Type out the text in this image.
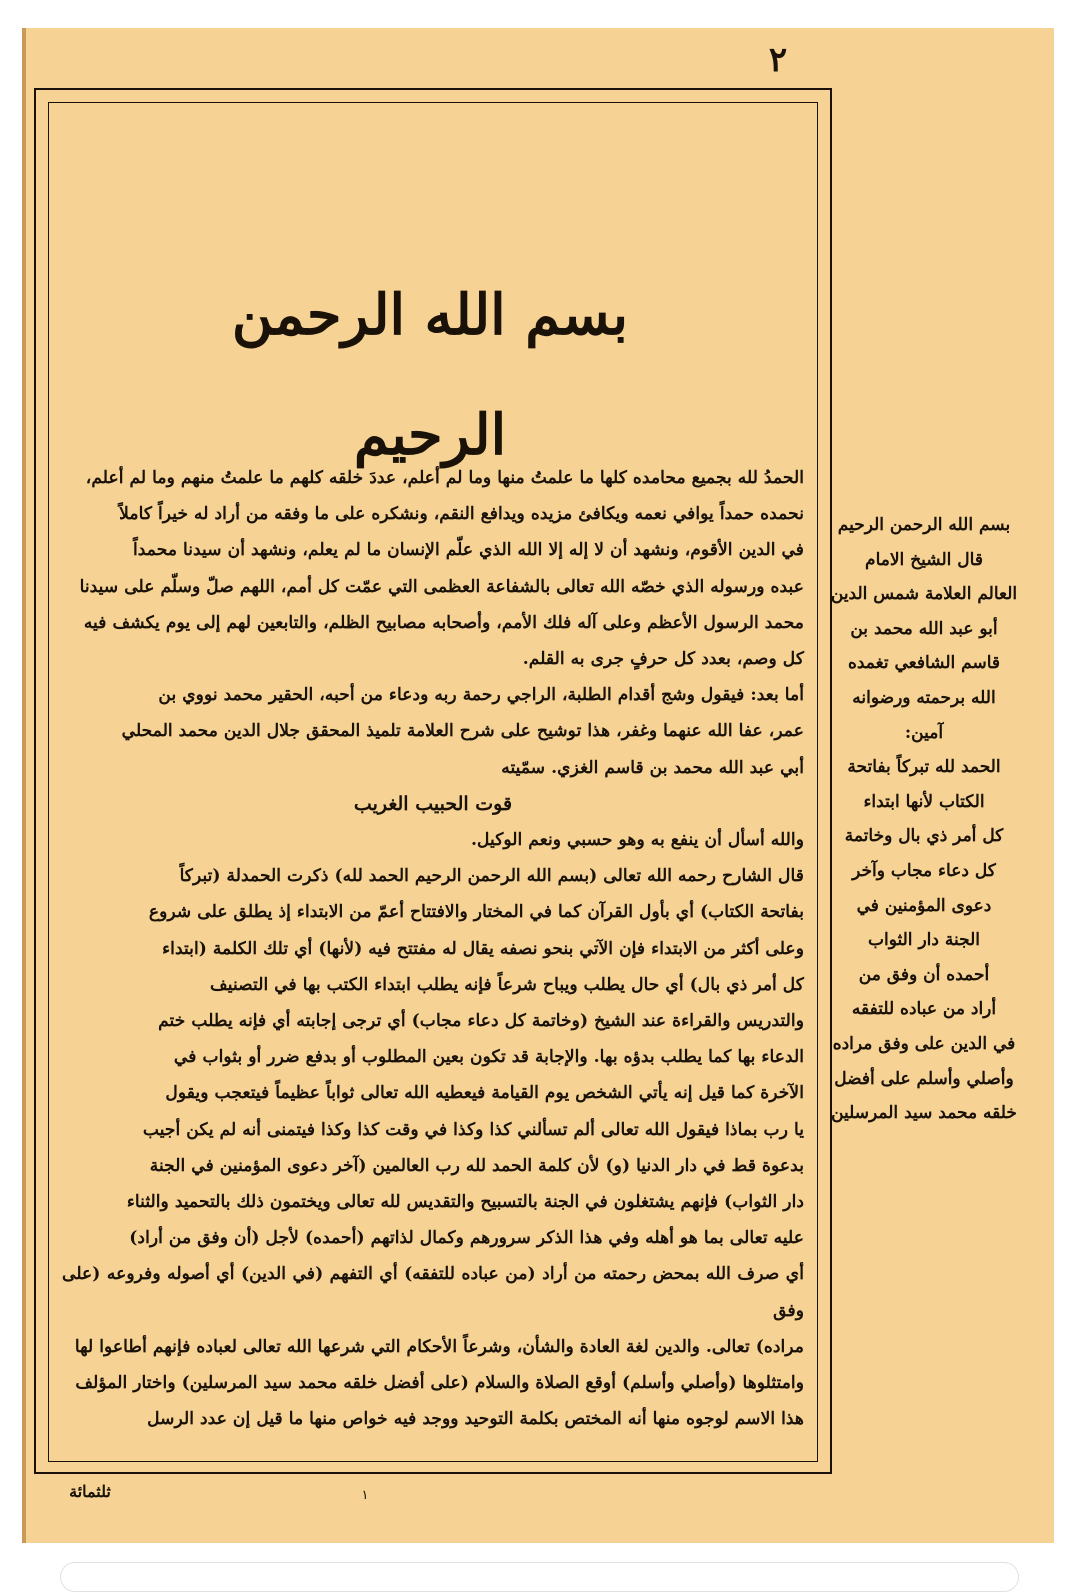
٢
بسم الله الرحمن الرحيم

الحمدُ لله بجميع محامده كلها ما علمتُ منها وما لم أعلم، عددَ خلقه كلهم ما علمتُ منهم وما لم أعلم،

نحمده حمداً يوافي نعمه ويكافئ مزيده ويدافع النقم، ونشكره على ما وفقه من أراد له خيراً كاملاً

في الدين الأقوم، ونشهد أن لا إله إلا الله الذي علّم الإنسان ما لم يعلم، ونشهد أن سيدنا محمداً

عبده ورسوله الذي خصّه الله تعالى بالشفاعة العظمى التي عمّت كل أمم، اللهم صلّ وسلّم على سيدنا

محمد الرسول الأعظم وعلى آله فلك الأمم، وأصحابه مصابيح الظلم، والتابعين لهم إلى يوم يكشف فيه

كل وصم، بعدد كل حرفٍ جرى به القلم.

أما بعد: فيقول وشج أقدام الطلبة، الراجي رحمة ربه ودعاء من أحبه، الحقير محمد نووي بن

عمر، عفا الله عنهما وغفر، هذا توشيح على شرح العلامة تلميذ المحقق جلال الدين محمد المحلي

أبي عبد الله محمد بن قاسم الغزي. سمّيته

قوت الحبيب الغريب

والله أسأل أن ينفع به وهو حسبي ونعم الوكيل.

قال الشارح رحمه الله تعالى (بسم الله الرحمن الرحيم الحمد لله) ذكرت الحمدلة (تبركاً

بفاتحة الكتاب) أي بأول القرآن كما في المختار والافتتاح أعمّ من الابتداء إذ يطلق على شروع

وعلى أكثر من الابتداء فإن الآتي بنحو نصفه يقال له مفتتح فيه (لأنها) أي تلك الكلمة (ابتداء

كل أمر ذي بال) أي حال يطلب ويباح شرعاً فإنه يطلب ابتداء الكتب بها في التصنيف

والتدريس والقراءة عند الشيخ (وخاتمة كل دعاء مجاب) أي ترجى إجابته أي فإنه يطلب ختم

الدعاء بها كما يطلب بدؤه بها. والإجابة قد تكون بعين المطلوب أو بدفع ضرر أو بثواب في

الآخرة كما قيل إنه يأتي الشخص يوم القيامة فيعطيه الله تعالى ثواباً عظيماً فيتعجب ويقول

يا رب بماذا فيقول الله تعالى ألم تسألني كذا وكذا في وقت كذا وكذا فيتمنى أنه لم يكن أجيب

بدعوة قط في دار الدنيا (و) لأن كلمة الحمد لله رب العالمين (آخر دعوى المؤمنين في الجنة

دار الثواب) فإنهم يشتغلون في الجنة بالتسبيح والتقديس لله تعالى ويختمون ذلك بالتحميد والثناء

عليه تعالى بما هو أهله وفي هذا الذكر سرورهم وكمال لذاتهم (أحمده) لأجل (أن وفق من أراد)

أي صرف الله بمحض رحمته من أراد (من عباده للتفقه) أي التفهم (في الدين) أي أصوله وفروعه (على وفق

مراده) تعالى. والدين لغة العادة والشأن، وشرعاً الأحكام التي شرعها الله تعالى لعباده فإنهم أطاعوا لها

وامتثلوها (وأصلي وأسلم) أوقع الصلاة والسلام (على أفضل خلقه محمد سيد المرسلين) واختار المؤلف

هذا الاسم لوجوه منها أنه المختص بكلمة التوحيد ووجد فيه خواص منها ما قيل إن عدد الرسل

بسم الله الرحمن الرحيم
قال الشيخ الامام
العالم العلامة شمس الدين
أبو عبد الله محمد بن
قاسم الشافعي تغمده
الله برحمته ورضوانه
آمين:
الحمد لله تبركاً بفاتحة
الكتاب لأنها ابتداء
كل أمر ذي بال وخاتمة
كل دعاء مجاب وآخر
دعوى المؤمنين في
الجنة دار الثواب
أحمده أن وفق من
أراد من عباده للتفقه
في الدين على وفق مراده
وأصلي وأسلم على أفضل
خلقه محمد سيد المرسلين
ثلثمائة	١
